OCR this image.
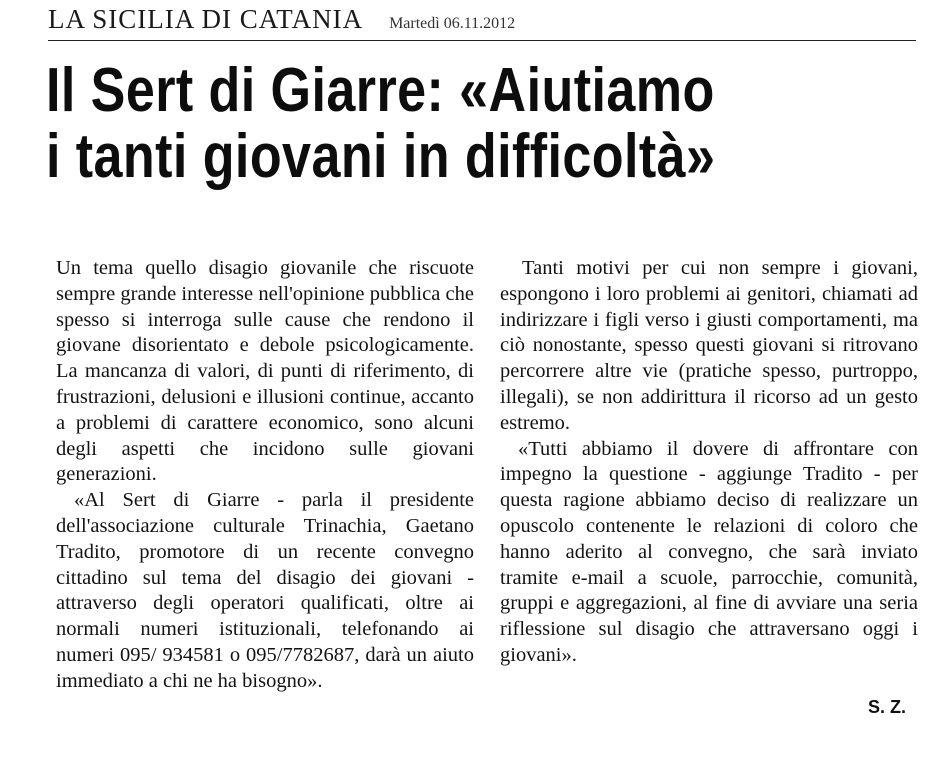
LA SICILIA DI CATANIA Martedì 06.11.2012
Il Sert di Giarre: «Aiutiamo
i tanti giovani in difficoltà»

Un tema quello disagio giovanile che riscuote sempre grande interesse nell'opinione pubblica che spesso si interroga sulle cause che rendono il giovane disorientato e debole psicologicamente. La mancanza di valori, di punti di riferimento, di frustrazioni, delusioni e illusioni continue, accanto a problemi di carattere economico, sono alcuni degli aspetti che incidono sulle giovani generazioni.

«Al Sert di Giarre - parla il presidente dell'associazione culturale Trinachia, Gaetano Tradito, promotore di un recente convegno cittadino sul tema del disagio dei giovani - attraverso degli operatori qualificati, oltre ai normali numeri istituzionali, telefonando ai numeri 095/ 934581 o 095/7782687, darà un aiuto immediato a chi ne ha bisogno».

Tanti motivi per cui non sempre i giovani, espongono i loro problemi ai genitori, chiamati ad indirizzare i figli verso i giusti comportamenti, ma ciò nonostante, spesso questi giovani si ritrovano percorrere altre vie (pratiche spesso, purtroppo, illegali), se non addirittura il ricorso ad un gesto estremo.

«Tutti abbiamo il dovere di affrontare con impegno la questione - aggiunge Tradito - per questa ragione abbiamo deciso di realizzare un opuscolo contenente le relazioni di coloro che hanno aderito al convegno, che sarà inviato tramite e-mail a scuole, parrocchie, comunità, gruppi e aggregazioni, al fine di avviare una seria riflessione sul disagio che attraversano oggi i giovani».

S. Z.
